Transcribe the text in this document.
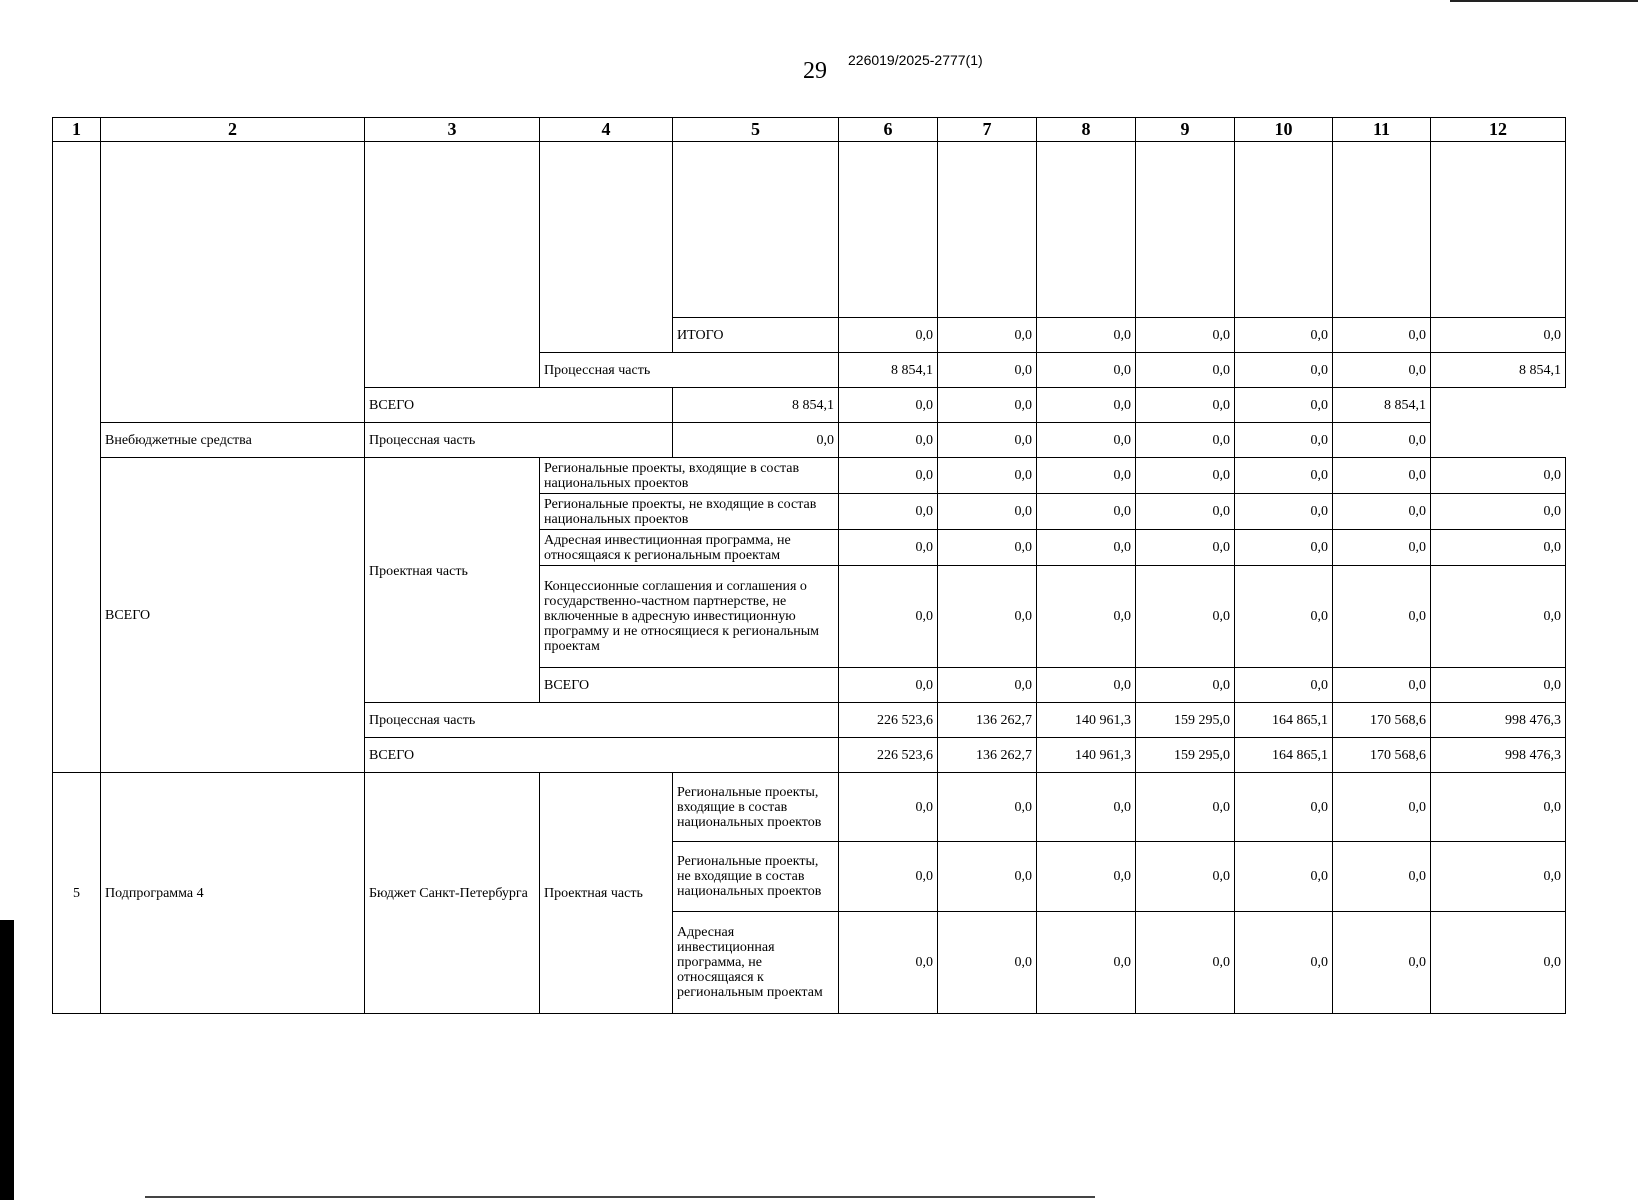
29 226019/2025-2777(1)
1	2	3	4	5	6	7	8	9	10	11	12

				ИТОГО	0,0	0,0	0,0	0,0	0,0	0,0	0,0
			Процессная часть		8 854,1	0,0	0,0	0,0	0,0	0,0	8 854,1
		ВСЕГО		8 854,1	0,0	0,0	0,0	0,0	0,0	8 854,1	
	Внебюджетные средства	Процессная часть		0,0	0,0	0,0	0,0	0,0	0,0	0,0	
	ВСЕГО	Проектная часть	Региональные проекты, входящие в состав национальных проектов		0,0	0,0	0,0	0,0	0,0	0,0	0,0
			Региональные проекты, не входящие в состав национальных проектов		0,0	0,0	0,0	0,0	0,0	0,0	0,0
			Адресная инвестиционная программа, не относящаяся к региональным проектам		0,0	0,0	0,0	0,0	0,0	0,0	0,0
			Концессионные соглашения и соглашения о государственно-частном партнерстве, не включенные в адресную инвестиционную программу и не относящиеся к региональным проектам		0,0	0,0	0,0	0,0	0,0	0,0	0,0
			ВСЕГО		0,0	0,0	0,0	0,0	0,0	0,0	0,0
		Процессная часть			226 523,6	136 262,7	140 961,3	159 295,0	164 865,1	170 568,6	998 476,3
		ВСЕГО			226 523,6	136 262,7	140 961,3	159 295,0	164 865,1	170 568,6	998 476,3
5	Подпрограмма 4	Бюджет Санкт-Петербурга	Проектная часть	Региональные проекты, входящие в состав национальных проектов	0,0	0,0	0,0	0,0	0,0	0,0	0,0
				Региональные проекты, не входящие в состав национальных проектов	0,0	0,0	0,0	0,0	0,0	0,0	0,0
				Адресная инвестиционная программа, не относящаяся к региональным проектам	0,0	0,0	0,0	0,0	0,0	0,0	0,0
